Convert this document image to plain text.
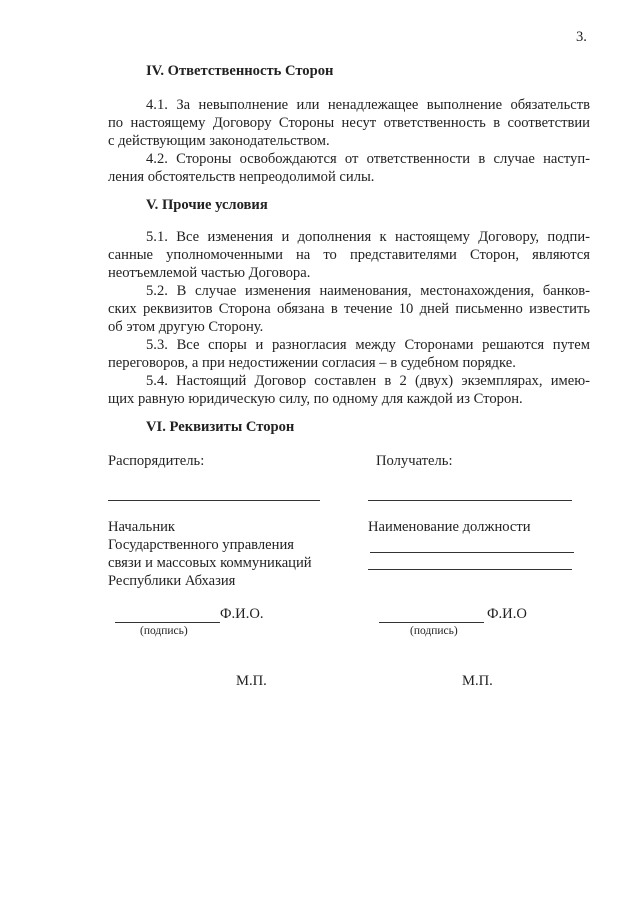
3.
IV. Ответственность Сторон
4.1. За невыполнение или ненадлежащее выполнение обязательств
по настоящему Договору Стороны несут ответственность в соответствии
с действующим законодательством.
4.2. Стороны освобождаются от ответственности в случае наступ-
ления обстоятельств непреодолимой силы.
V. Прочие условия
5.1. Все изменения и дополнения к настоящему Договору, подпи-
санные уполномоченными на то представителями Сторон, являются
неотъемлемой частью Договора.
5.2. В случае изменения наименования, местонахождения, банков-
ских реквизитов Сторона обязана в течение 10 дней письменно известить
об этом другую Сторону.
5.3. Все споры и разногласия между Сторонами решаются путем
переговоров, а при недостижении согласия – в судебном порядке.
5.4. Настоящий Договор составлен в 2 (двух) экземплярах, имею-
щих равную юридическую силу, по одному для каждой из Сторон.
VI. Реквизиты Сторон
Распорядитель:
Начальник
Государственного управления
связи и массовых коммуникаций
Республики Абхазия
Ф.И.О.
(подпись)
М.П.
Получатель:
Наименование должности
Ф.И.О
(подпись)
М.П.
